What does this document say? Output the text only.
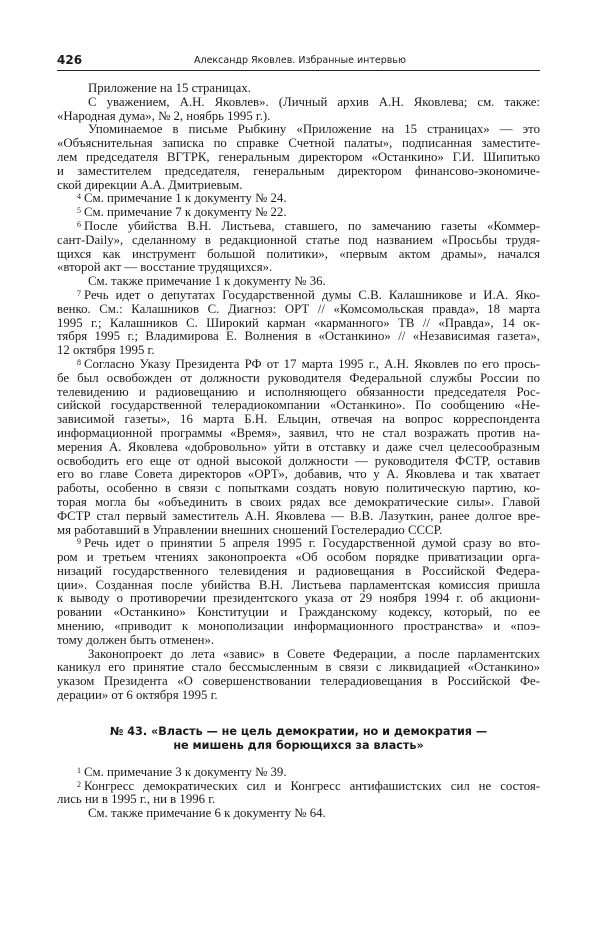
426	Александр Яковлев. Избранные интервью
Приложение на 15 страницах.
С уважением, А.Н. Яковлев». (Личный архив А.Н. Яковлева; см. также:
«Народная дума», № 2, ноябрь 1995 г.).
Упоминаемое в письме Рыбкину «Приложение на 15 страницах» — это
«Объяснительная записка по справке Счетной палаты», подписанная заместите-
лем председателя ВГТРК, генеральным директором «Останкино» Г.И. Шипитько
и заместителем председателя, генеральным директором финансово-экономиче-
ской дирекции А.А. Дмитриевым.
$^4$ См. примечание 1 к документу № 24.
$^5$ См. примечание 7 к документу № 22.
$^6$ После убийства В.Н. Листьева, ставшего, по замечанию газеты «Коммер-
сант-Daily», сделанному в редакционной статье под названием «Просьбы трудя-
щихся как инструмент большой политики», «первым актом драмы», начался
«второй акт — восстание трудящихся».
См. также примечание 1 к документу № 36.
$^7$ Речь идет о депутатах Государственной думы С.В. Калашникове и И.А. Яко-
венко. См.: Калашников С. Диагноз: ОРТ // «Комсомольская правда», 18 марта
1995 г.; Калашников С. Широкий карман «карманного» ТВ // «Правда», 14 ок-
тября 1995 г.; Владимирова Е. Волнения в «Останкино» // «Независимая газета»,
12 октября 1995 г.
$^8$ Согласно Указу Президента РФ от 17 марта 1995 г., А.Н. Яковлев по его прось-
бе был освобожден от должности руководителя Федеральной службы России по
телевидению и радиовещанию и исполняющего обязанности председателя Рос-
сийской государственной телерадиокомпании «Останкино». По сообщению «Не-
зависимой газеты», 16 марта Б.Н. Ельцин, отвечая на вопрос корреспондента
информационной программы «Время», заявил, что не стал возражать против на-
мерения А. Яковлева «добровольно» уйти в отставку и даже счел целесообразным
освободить его еще от одной высокой должности — руководителя ФСТР, оставив
его во главе Совета директоров «ОРТ», добавив, что у А. Яковлева и так хватает
работы, особенно в связи с попытками создать новую политическую партию, ко-
торая могла бы «объединить в своих рядах все демократические силы». Главой
ФСТР стал первый заместитель А.Н. Яковлева — В.В. Лазуткин, ранее долгое вре-
мя работавший в Управлении внешних сношений Гостелерадио СССР.
$^9$ Речь идет о принятии 5 апреля 1995 г. Государственной думой сразу во вто-
ром и третьем чтениях законопроекта «Об особом порядке приватизации орга-
низаций государственного телевидения и радиовещания в Российской Федера-
ции». Созданная после убийства В.Н. Листьева парламентская комиссия пришла
к выводу о противоречии президентского указа от 29 ноября 1994 г. об акциони-
ровании «Останкино» Конституции и Гражданскому кодексу, который, по ее
мнению, «приводит к монополизации информационного пространства» и «поэ-
тому должен быть отменен».
Законопроект до лета «завис» в Совете Федерации, а после парламентских
каникул его принятие стало бессмысленным в связи с ликвидацией «Останкино»
указом Президента «О совершенствовании телерадиовещания в Российской Фе-
дерации» от 6 октября 1995 г.
№ 43. «Власть — не цель демократии, но и демократия —
не мишень для борющихся за власть»
$^1$ См. примечание 3 к документу № 39.
$^2$ Конгресс демократических сил и Конгресс антифашистских сил не состоя-
лись ни в 1995 г., ни в 1996 г.
См. также примечание 6 к документу № 64.
